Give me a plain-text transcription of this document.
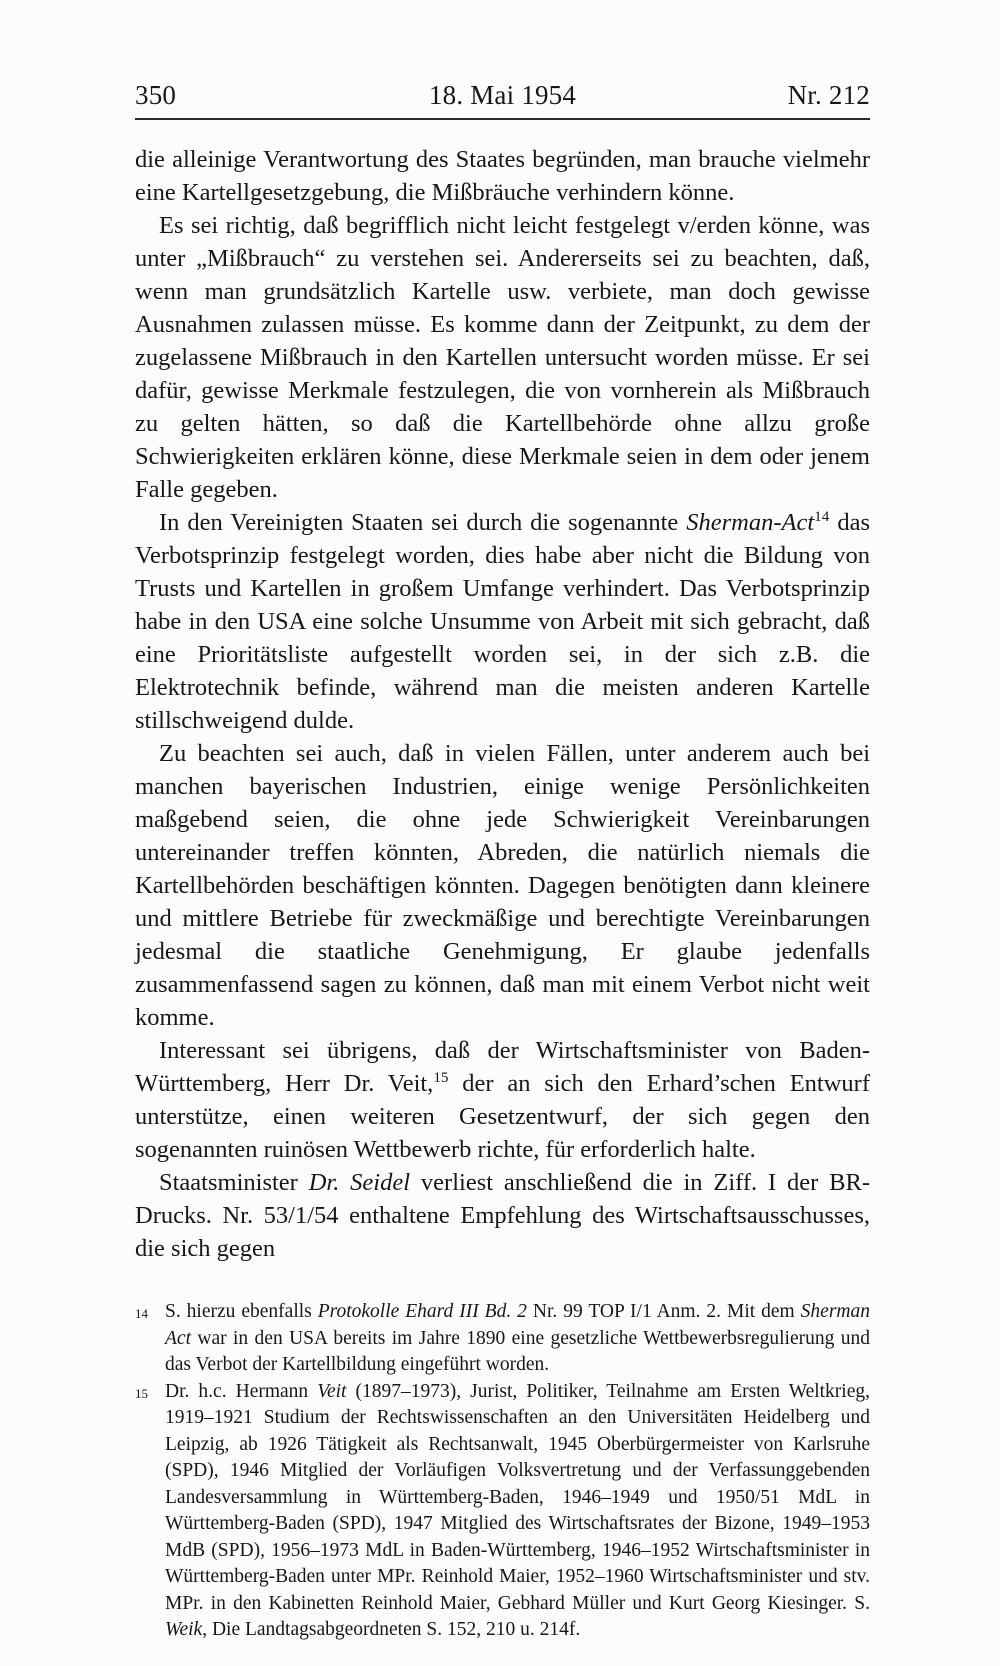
350	18. Mai 1954	Nr. 212

die alleinige Verantwortung des Staates begründen, man brauche vielmehr eine Kartellgesetzgebung, die Mißbräuche verhindern könne.

Es sei richtig, daß begrifflich nicht leicht festgelegt v/erden könne, was unter „Mißbrauch“ zu verstehen sei. Andererseits sei zu beachten, daß, wenn man grundsätzlich Kartelle usw. verbiete, man doch gewisse Ausnahmen zulassen müsse. Es komme dann der Zeitpunkt, zu dem der zugelassene Mißbrauch in den Kartellen untersucht worden müsse. Er sei dafür, gewisse Merkmale festzulegen, die von vornherein als Mißbrauch zu gelten hätten, so daß die Kartellbehörde ohne allzu große Schwierigkeiten erklären könne, diese Merkmale seien in dem oder jenem Falle gegeben.

In den Vereinigten Staaten sei durch die sogenannte Sherman-Act$^{14}$ das Verbotsprinzip festgelegt worden, dies habe aber nicht die Bildung von Trusts und Kartellen in großem Umfange verhindert. Das Verbotsprinzip habe in den USA eine solche Unsumme von Arbeit mit sich gebracht, daß eine Prioritätsliste aufgestellt worden sei, in der sich z.B. die Elektrotechnik befinde, während man die meisten anderen Kartelle stillschweigend dulde.

Zu beachten sei auch, daß in vielen Fällen, unter anderem auch bei manchen bayerischen Industrien, einige wenige Persönlichkeiten maßgebend seien, die ohne jede Schwierigkeit Vereinbarungen untereinander treffen könnten, Abreden, die natürlich niemals die Kartellbehörden beschäftigen könnten. Dagegen benötigten dann kleinere und mittlere Betriebe für zweckmäßige und berechtigte Vereinbarungen jedesmal die staatliche Genehmigung, Er glaube jedenfalls zusammenfassend sagen zu können, daß man mit einem Verbot nicht weit komme.

Interessant sei übrigens, daß der Wirtschaftsminister von Baden-Württemberg, Herr Dr. Veit,$^{15}$ der an sich den Erhard’schen Entwurf unterstütze, einen weiteren Gesetzentwurf, der sich gegen den sogenannten ruinösen Wettbewerb richte, für erforderlich halte.

Staatsminister Dr. Seidel verliest anschließend die in Ziff. I der BR-Drucks. Nr. 53/1/54 enthaltene Empfehlung des Wirtschaftsausschusses, die sich gegen

14 S. hierzu ebenfalls Protokolle Ehard III Bd. 2 Nr. 99 TOP I/1 Anm. 2. Mit dem Sherman Act war in den USA bereits im Jahre 1890 eine gesetzliche Wettbewerbsregulierung und das Verbot der Kartellbildung eingeführt worden.
15 Dr. h.c. Hermann Veit (1897–1973), Jurist, Politiker, Teilnahme am Ersten Weltkrieg, 1919–1921 Studium der Rechtswissenschaften an den Universitäten Heidelberg und Leipzig, ab 1926 Tätigkeit als Rechtsanwalt, 1945 Oberbürgermeister von Karlsruhe (SPD), 1946 Mitglied der Vorläufigen Volksvertretung und der Verfassunggebenden Landesversammlung in Württemberg-Baden, 1946–1949 und 1950/51 MdL in Württemberg-Baden (SPD), 1947 Mitglied des Wirtschaftsrates der Bizone, 1949–1953 MdB (SPD), 1956–1973 MdL in Baden-Württemberg, 1946–1952 Wirtschaftsminister in Württemberg-Baden unter MPr. Reinhold Maier, 1952–1960 Wirtschaftsminister und stv. MPr. in den Kabinetten Reinhold Maier, Gebhard Müller und Kurt Georg Kiesinger. S. Weik, Die Landtagsabgeordneten S. 152, 210 u. 214f.
